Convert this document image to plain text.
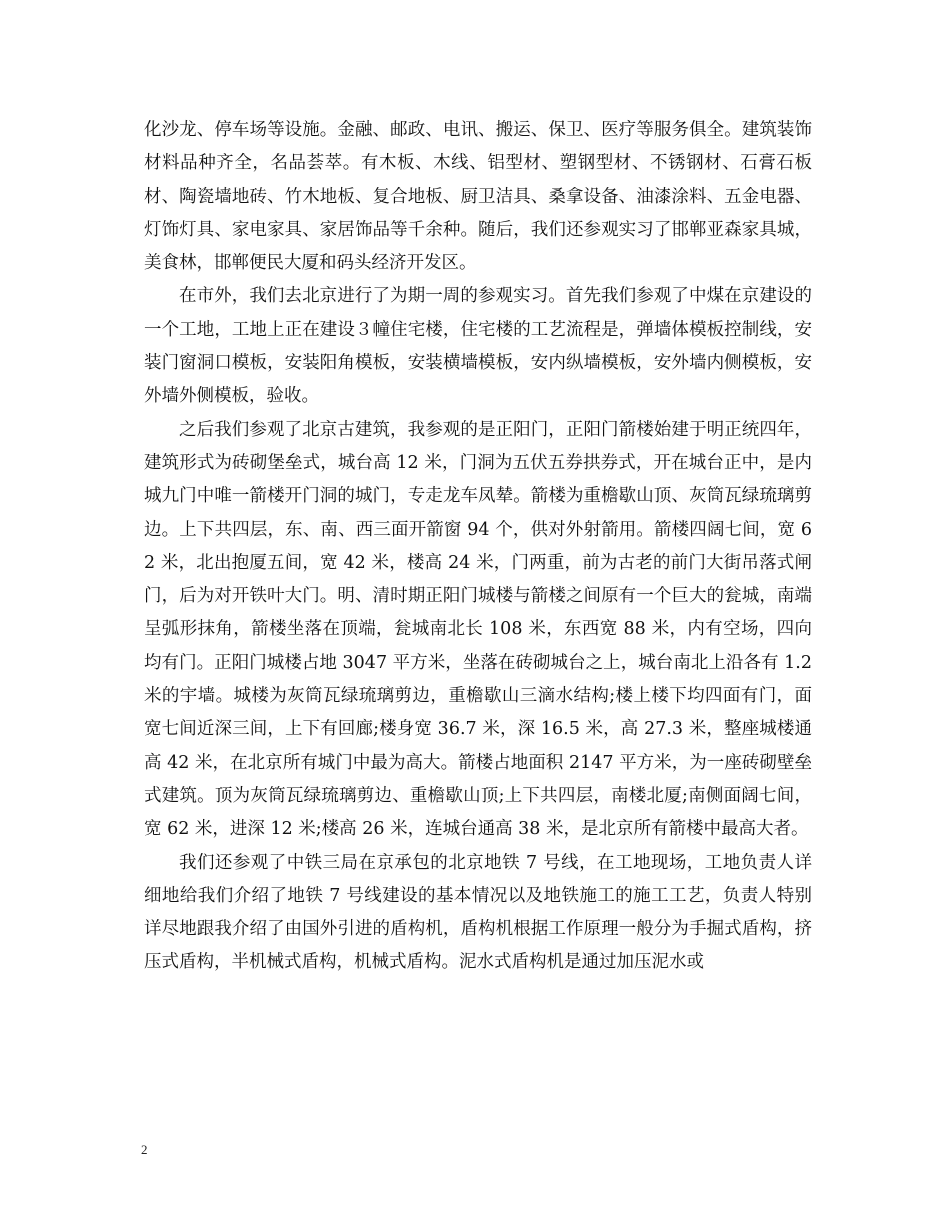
化沙龙、停车场等设施。金融、邮政、电讯、搬运、保卫、医疗等服务俱全。建筑装饰材料品种齐全，名品荟萃。有木板、木线、铝型材、塑钢型材、不锈钢材、石膏石板材、陶瓷墙地砖、竹木地板、复合地板、厨卫洁具、桑拿设备、油漆涂料、五金电器、灯饰灯具、家电家具、家居饰品等千余种。随后，我们还参观实习了邯郸亚森家具城，美食林，邯郸便民大厦和码头经济开发区。

在市外，我们去北京进行了为期一周的参观实习。首先我们参观了中煤在京建设的一个工地，工地上正在建设３幢住宅楼，住宅楼的工艺流程是，弹墙体模板控制线，安装门窗洞口模板，安装阳角模板，安装横墙模板，安内纵墙模板，安外墙内侧模板，安外墙外侧模板，验收。

之后我们参观了北京古建筑，我参观的是正阳门，正阳门箭楼始建于明正统四年，建筑形式为砖砌堡垒式，城台高 12 米，门洞为五伏五券拱券式，开在城台正中，是内城九门中唯一箭楼开门洞的城门，专走龙车凤辇。箭楼为重檐歇山顶、灰筒瓦绿琉璃剪边。上下共四层，东、南、西三面开箭窗 94 个，供对外射箭用。箭楼四阔七间，宽 62 米，北出抱厦五间，宽 42 米，楼高 24 米，门两重，前为古老的前门大街吊落式闸门，后为对开铁叶大门。明、清时期正阳门城楼与箭楼之间原有一个巨大的瓮城，南端呈弧形抹角，箭楼坐落在顶端，瓮城南北长 108 米，东西宽 88 米，内有空场，四向均有门。正阳门城楼占地 3047 平方米，坐落在砖砌城台之上，城台南北上沿各有 1.2 米的宇墙。城楼为灰筒瓦绿琉璃剪边，重檐歇山三滴水结构;楼上楼下均四面有门，面宽七间近深三间，上下有回廊;楼身宽 36.7 米，深 16.5 米，高 27.3 米，整座城楼通高 42 米，在北京所有城门中最为高大。箭楼占地面积 2147 平方米，为一座砖砌壁垒式建筑。顶为灰筒瓦绿琉璃剪边、重檐歇山顶;上下共四层，南楼北厦;南侧面阔七间，宽 62 米，进深 12 米;楼高 26 米，连城台通高 38 米，是北京所有箭楼中最高大者。

我们还参观了中铁三局在京承包的北京地铁 7 号线，在工地现场，工地负责人详细地给我们介绍了地铁 7 号线建设的基本情况以及地铁施工的施工工艺，负责人特别详尽地跟我介绍了由国外引进的盾构机，盾构机根据工作原理一般分为手掘式盾构，挤压式盾构，半机械式盾构，机械式盾构。泥水式盾构机是通过加压泥水或

2
